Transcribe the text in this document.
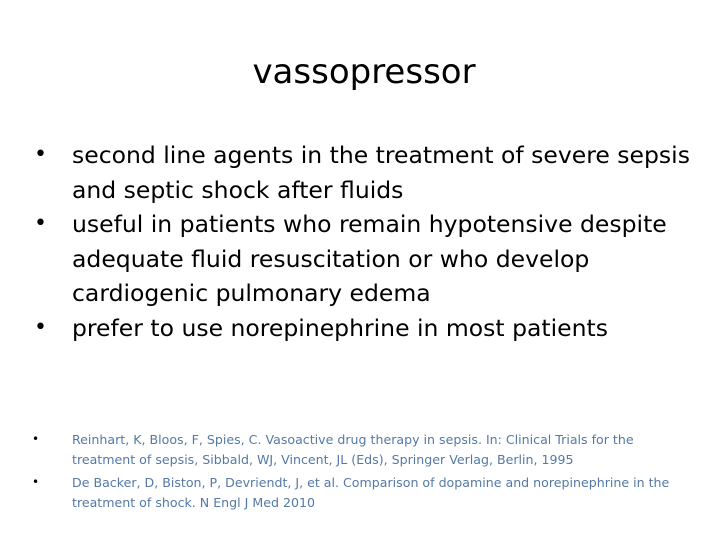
vassopressor
• second line agents in the treatment of severe sepsis and septic shock after fluids
• useful in patients who remain hypotensive despite adequate fluid resuscitation or who develop cardiogenic pulmonary edema
• prefer to use norepinephrine in most patients
•	Reinhart, K, Bloos, F, Spies, C. Vasoactive drug therapy in sepsis. In: Clinical Trials for the treatment of sepsis, Sibbald, WJ, Vincent, JL (Eds), Springer Verlag, Berlin, 1995
•	De Backer, D, Biston, P, Devriendt, J, et al. Comparison of dopamine and norepinephrine in the treatment of shock. N Engl J Med 2010
